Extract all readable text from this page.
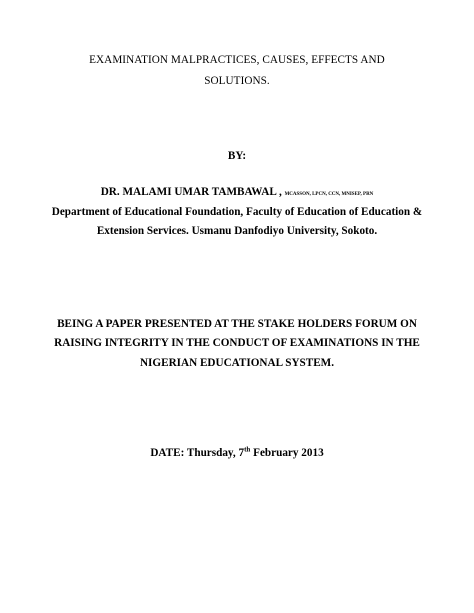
EXAMINATION MALPRACTICES, CAUSES, EFFECTS AND
SOLUTIONS.
BY:
DR. MALAMI UMAR TAMBAWAL , MCASSON, LPCN, CCN, MNISEP, PRN
Department of Educational Foundation, Faculty of Education of Education &
Extension Services. Usmanu Danfodiyo University, Sokoto.
BEING A PAPER PRESENTED AT THE STAKE HOLDERS FORUM ON
RAISING INTEGRITY IN THE CONDUCT OF EXAMINATIONS IN THE
NIGERIAN EDUCATIONAL SYSTEM.
DATE: Thursday, 7th February 2013
